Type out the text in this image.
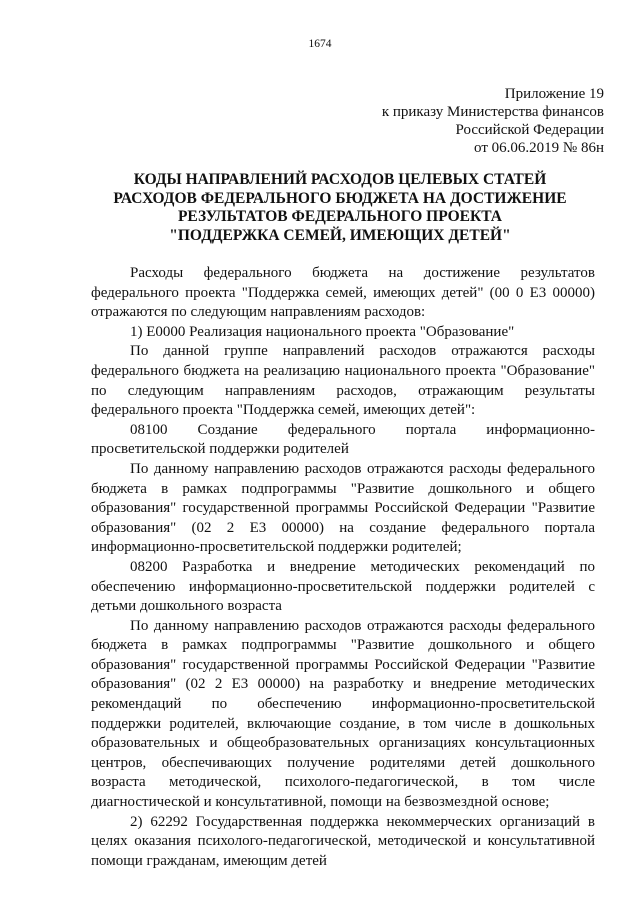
1674
Приложение 19
к приказу Министерства финансов
Российской Федерации
от 06.06.2019 № 86н
КОДЫ НАПРАВЛЕНИЙ РАСХОДОВ ЦЕЛЕВЫХ СТАТЕЙ
РАСХОДОВ ФЕДЕРАЛЬНОГО БЮДЖЕТА НА ДОСТИЖЕНИЕ
РЕЗУЛЬТАТОВ ФЕДЕРАЛЬНОГО ПРОЕКТА
"ПОДДЕРЖКА СЕМЕЙ, ИМЕЮЩИХ ДЕТЕЙ"
Расходы федерального бюджета на достижение результатов
федерального проекта "Поддержка семей, имеющих детей" (00 0 Е3 00000)
отражаются по следующим направлениям расходов:
1) Е0000 Реализация национального проекта "Образование"
По данной группе направлений расходов отражаются расходы
федерального бюджета на реализацию национального проекта "Образование"
по следующим направлениям расходов, отражающим результаты
федерального проекта "Поддержка семей, имеющих детей":
08100 Создание федерального портала информационно-
просветительской поддержки родителей
По данному направлению расходов отражаются расходы федерального
бюджета в рамках подпрограммы "Развитие дошкольного и общего
образования" государственной программы Российской Федерации "Развитие
образования" (02 2 Е3 00000) на создание федерального портала
информационно-просветительской поддержки родителей;
08200 Разработка и внедрение методических рекомендаций по
обеспечению информационно-просветительской поддержки родителей с
детьми дошкольного возраста
По данному направлению расходов отражаются расходы федерального
бюджета в рамках подпрограммы "Развитие дошкольного и общего
образования" государственной программы Российской Федерации "Развитие
образования" (02 2 Е3 00000) на разработку и внедрение методических
рекомендаций по обеспечению информационно-просветительской
поддержки родителей, включающие создание, в том числе в дошкольных
образовательных и общеобразовательных организациях консультационных
центров, обеспечивающих получение родителями детей дошкольного
возраста методической, психолого-педагогической, в том числе
диагностической и консультативной, помощи на безвозмездной основе;
2) 62292 Государственная поддержка некоммерческих организаций в
целях оказания психолого-педагогической, методической и консультативной
помощи гражданам, имеющим детей
